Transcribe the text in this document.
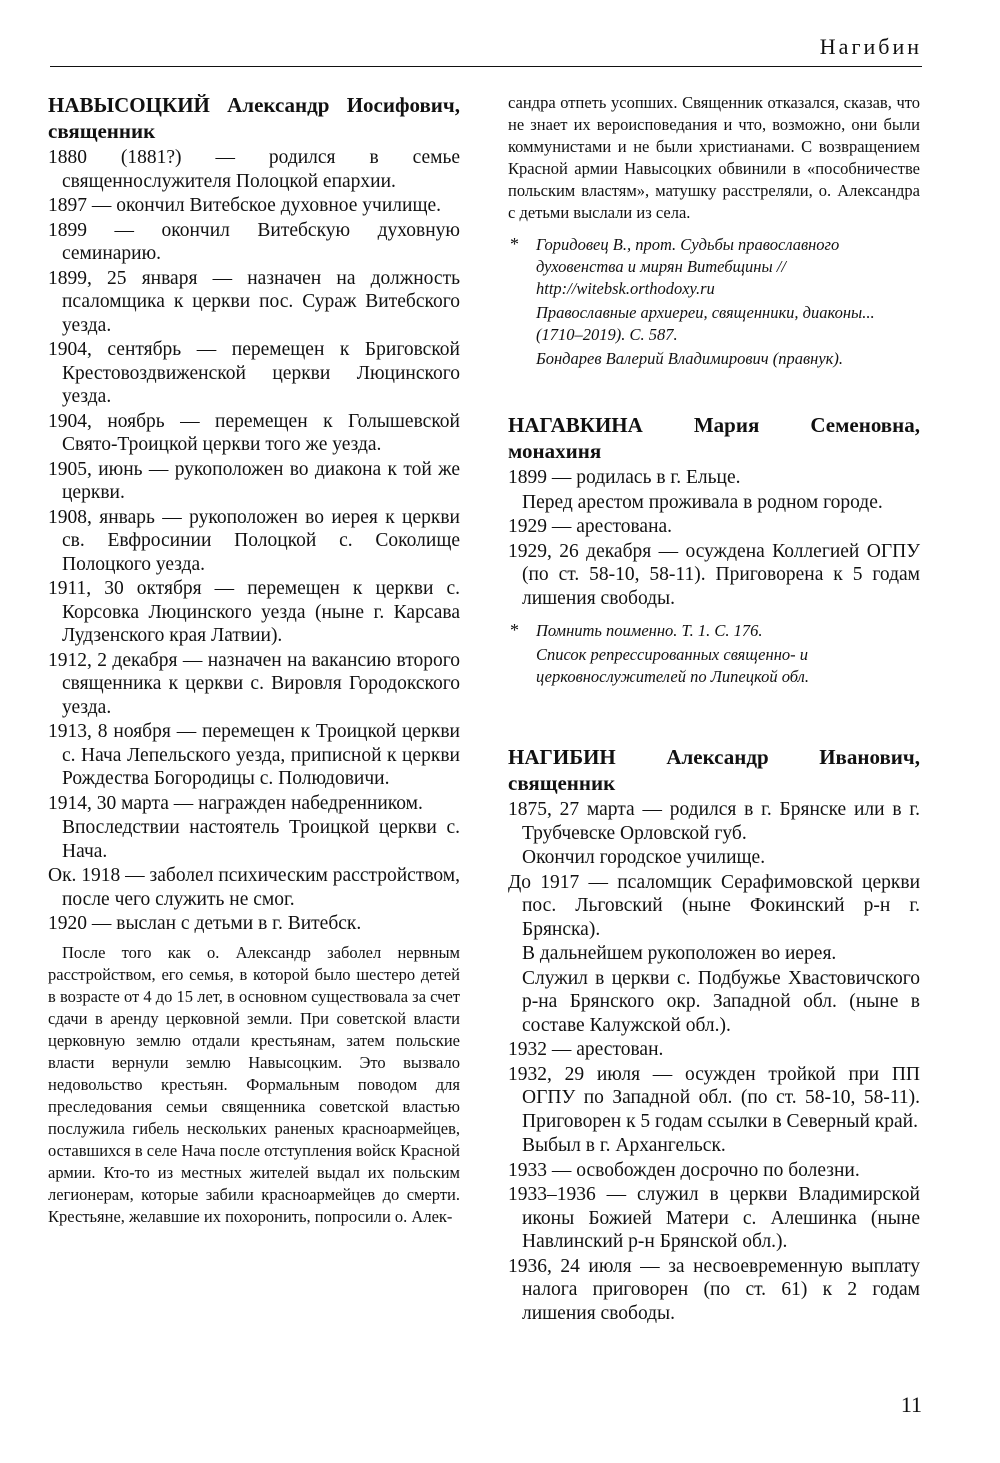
Нагибин

НАВЫСОЦКИЙ Александр Иосифович, священник

1880 (1881?) — родился в семье священнослужителя Полоцкой епархии.

1897 — окончил Витебское духовное училище.

1899 — окончил Витебскую духовную семинарию.

1899, 25 января — назначен на должность псаломщика к церкви пос. Сураж Витебского уезда.

1904, сентябрь — перемещен к Бриговской Крестовоздвиженской церкви Люцинского уезда.

1904, ноябрь — перемещен к Голышевской Свято-Троицкой церкви того же уезда.

1905, июнь — рукоположен во диакона к той же церкви.

1908, январь — рукоположен во иерея к церкви св. Евфросинии Полоцкой с. Соколище Полоцкого уезда.

1911, 30 октября — перемещен к церкви с. Корсовка Люцинского уезда (ныне г. Карсава Лудзенского края Латвии).

1912, 2 декабря — назначен на вакансию второго священника к церкви с. Вировля Городокского уезда.

1913, 8 ноября — перемещен к Троицкой церкви с. Нача Лепельского уезда, приписной к церкви Рождества Богородицы с. Полюдовичи.

1914, 30 марта — награжден набедренником.

Впоследствии настоятель Троицкой церкви с. Нача.

Ок. 1918 — заболел психическим расстройством, после чего служить не смог.

1920 — выслан с детьми в г. Витебск.

После того как о. Александр заболел нервным расстройством, его семья, в которой было шестеро детей в возрасте от 4 до 15 лет, в основном существовала за счет сдачи в аренду церковной земли. При советской власти церковную землю отдали крестьянам, затем польские власти вернули землю Навысоцким. Это вызвало недовольство крестьян. Формальным поводом для преследования семьи священника советской властью послужила гибель нескольких раненых красноармейцев, оставшихся в селе Нача после отступления войск Красной армии. Кто-то из местных жителей выдал их польским легионерам, которые забили красноармейцев до смерти. Крестьяне, желавшие их похоронить, попросили о. Алек-

сандра отпеть усопших. Священник отказался, сказав, что не знает их вероисповедания и что, возможно, они были коммунистами и не были христианами. С возвращением Красной армии Навысоцких обвинили в «пособничестве польским властям», матушку расстреляли, о. Александра с детьми выслали из села.

* Горидовец В., прот. Судьбы православного духовенства и мирян Витебщины // http://witebsk.orthodoxy.ru

Православные архиереи, священники, диаконы... (1710–2019). С. 587.

Бондарев Валерий Владимирович (правнук).

НАГАВКИНА Мария Семеновна, монахиня

1899 — родилась в г. Ельце.

Перед арестом проживала в родном городе.

1929 — арестована.

1929, 26 декабря — осуждена Коллегией ОГПУ (по ст. 58-10, 58-11). Приговорена к 5 годам лишения свободы.

* Помнить поименно. Т. 1. С. 176.

Список репрессированных священно- и церковнослужителей по Липецкой обл.

НАГИБИН Александр Иванович, священник

1875, 27 марта — родился в г. Брянске или в г. Трубчевске Орловской губ.

Окончил городское училище.

До 1917 — псаломщик Серафимовской церкви пос. Льговский (ныне Фокинский р-н г. Брянска).

В дальнейшем рукоположен во иерея.

Служил в церкви с. Подбужье Хвастовичского р-на Брянского окр. Западной обл. (ныне в составе Калужской обл.).

1932 — арестован.

1932, 29 июля — осужден тройкой при ПП ОГПУ по Западной обл. (по ст. 58-10, 58-11). Приговорен к 5 годам ссылки в Северный край.

Выбыл в г. Архангельск.

1933 — освобожден досрочно по болезни.

1933–1936 — служил в церкви Владимирской иконы Божией Матери с. Алешинка (ныне Навлинский р-н Брянской обл.).

1936, 24 июля — за несвоевременную выплату налога приговорен (по ст. 61) к 2 годам лишения свободы.

11
